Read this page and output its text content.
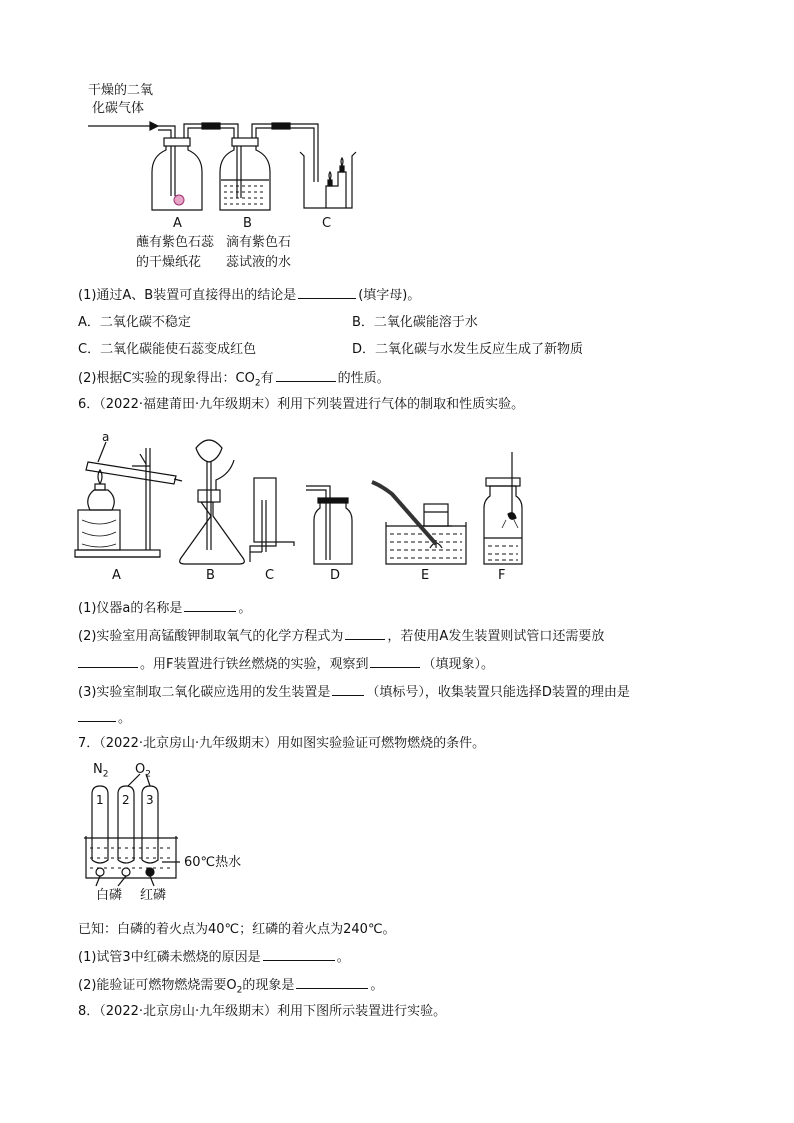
干燥的二氧
化碳气体
A	B	C
蘸有紫色石蕊
的干燥纸花
滴有紫色石
蕊试液的水
(1)通过A、B装置可直接得出的结论是	(填字母)。
A．二氧化碳不稳定	B．二氧化碳能溶于水
C．二氧化碳能使石蕊变成红色	D．二氧化碳与水发生反应生成了新物质
(2)根据C实验的现象得出：$CO_2$有	的性质。
6．（2022·福建莆田·九年级期末）利用下列装置进行气体的制取和性质实验。
a
A	B	C	D	E	F
(1)仪器a的名称是	。
(2)实验室用高锰酸钾制取氧气的化学方程式为	，若使用A发生装置则试管口还需要放
。用F装置进行铁丝燃烧的实验，观察到	（填现象）。
(3)实验室制取二氧化碳应选用的发生装置是	（填标号），收集装置只能选择D装置的理由是
。
7．（2022·北京房山·九年级期末）用如图实验验证可燃物燃烧的条件。
$N_2$ $O_2$
1 2 3
60℃热水
白磷 红磷
已知：白磷的着火点为40℃；红磷的着火点为240℃。
(1)试管3中红磷未燃烧的原因是	。
(2)能验证可燃物燃烧需要$O_2$的现象是	。
8．（2022·北京房山·九年级期末）利用下图所示装置进行实验。
